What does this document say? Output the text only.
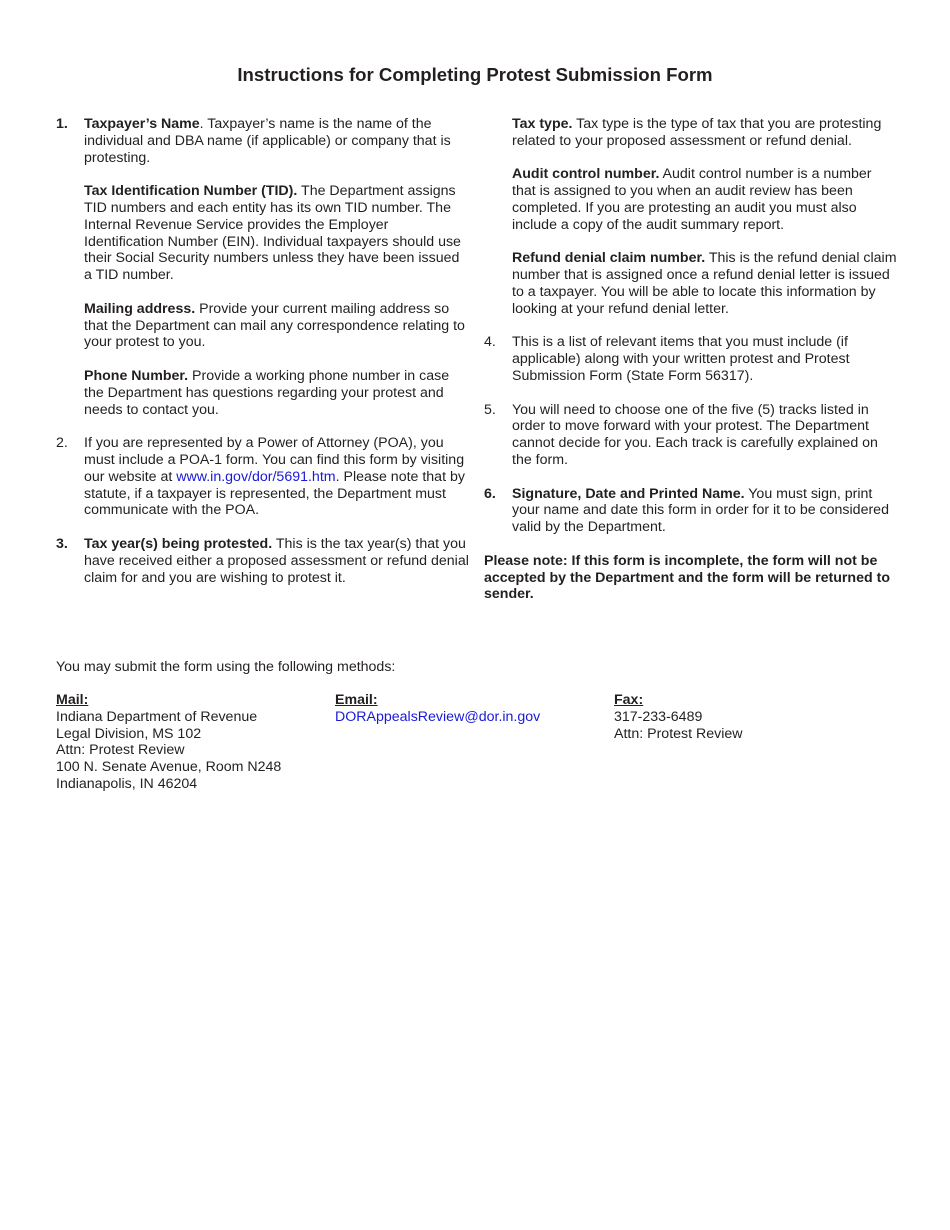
Instructions for Completing Protest Submission Form
1. Taxpayer’s Name. Taxpayer’s name is the name of the individual and DBA name (if applicable) or company that is protesting.

Tax Identification Number (TID). The Department assigns TID numbers and each entity has its own TID number. The Internal Revenue Service provides the Employer Identification Number (EIN). Individual taxpayers should use their Social Security numbers unless they have been issued a TID number.

Mailing address. Provide your current mailing address so that the Department can mail any correspondence relating to your protest to you.

Phone Number. Provide a working phone number in case the Department has questions regarding your protest and needs to contact you.

2. If you are represented by a Power of Attorney (POA), you must include a POA-1 form. You can find this form by visiting our website at www.in.gov/dor/5691.htm. Please note that by statute, if a taxpayer is represented, the Department must communicate with the POA.

3. Tax year(s) being protested. This is the tax year(s) that you have received either a proposed assessment or refund denial claim for and you are wishing to protest it.

Tax type. Tax type is the type of tax that you are protesting related to your proposed assessment or refund denial.

Audit control number. Audit control number is a number that is assigned to you when an audit review has been completed. If you are protesting an audit you must also include a copy of the audit summary report.

Refund denial claim number. This is the refund denial claim number that is assigned once a refund denial letter is issued to a taxpayer. You will be able to locate this information by looking at your refund denial letter.

4. This is a list of relevant items that you must include (if applicable) along with your written protest and Protest Submission Form (State Form 56317).

5. You will need to choose one of the five (5) tracks listed in order to move forward with your protest. The Department cannot decide for you. Each track is carefully explained on the form.

6. Signature, Date and Printed Name. You must sign, print your name and date this form in order for it to be considered valid by the Department.

Please note: If this form is incomplete, the form will not be accepted by the Department and the form will be returned to sender.

You may submit the form using the following methods:
Mail:
Indiana Department of Revenue
Legal Division, MS 102
Attn: Protest Review
100 N. Senate Avenue, Room N248
Indianapolis, IN 46204
Email:
DORAppealsReview@dor.in.gov
Fax:
317-233-6489
Attn: Protest Review
